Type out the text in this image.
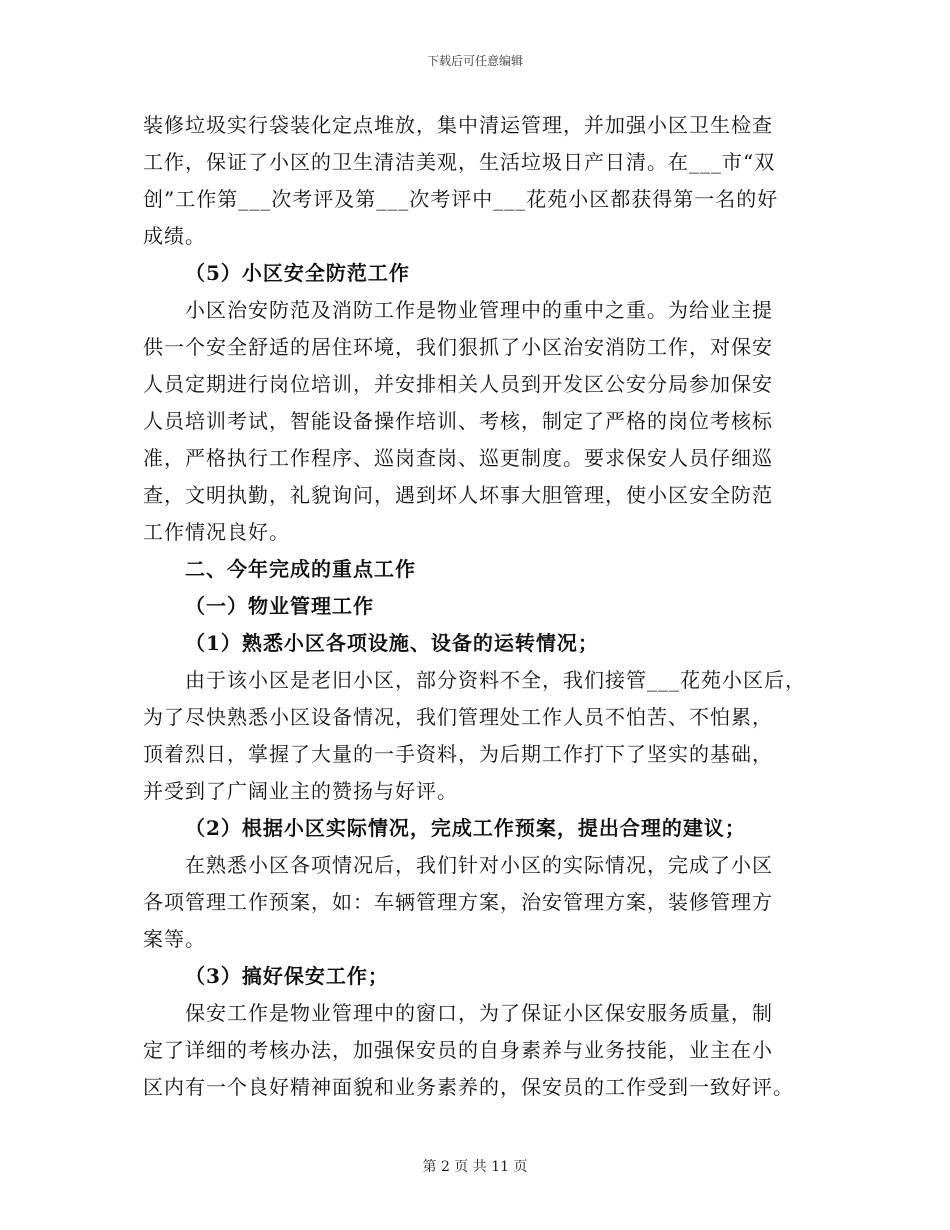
下载后可任意编辑
装修垃圾实行袋装化定点堆放，集中清运管理，并加强小区卫生检查
工作，保证了小区的卫生清洁美观，生活垃圾日产日清。在___市“双
创”工作第___次考评及第___次考评中___花苑小区都获得第一名的好
成绩。
（5）小区安全防范工作
小区治安防范及消防工作是物业管理中的重中之重。为给业主提
供一个安全舒适的居住环境，我们狠抓了小区治安消防工作，对保安
人员定期进行岗位培训，并安排相关人员到开发区公安分局参加保安
人员培训考试，智能设备操作培训、考核，制定了严格的岗位考核标
准，严格执行工作程序、巡岗查岗、巡更制度。要求保安人员仔细巡
查，文明执勤，礼貌询问，遇到坏人坏事大胆管理，使小区安全防范
工作情况良好。
二、今年完成的重点工作
（一）物业管理工作
（1）熟悉小区各项设施、设备的运转情况；
由于该小区是老旧小区，部分资料不全，我们接管___花苑小区后，
为了尽快熟悉小区设备情况，我们管理处工作人员不怕苦、不怕累，
顶着烈日，掌握了大量的一手资料，为后期工作打下了坚实的基础，
并受到了广阔业主的赞扬与好评。
（2）根据小区实际情况，完成工作预案，提出合理的建议；
在熟悉小区各项情况后，我们针对小区的实际情况，完成了小区
各项管理工作预案，如：车辆管理方案，治安管理方案，装修管理方
案等。
（3）搞好保安工作；
保安工作是物业管理中的窗口，为了保证小区保安服务质量，制
定了详细的考核办法，加强保安员的自身素养与业务技能，业主在小
区内有一个良好精神面貌和业务素养的，保安员的工作受到一致好评。
第 2 页 共 11 页
